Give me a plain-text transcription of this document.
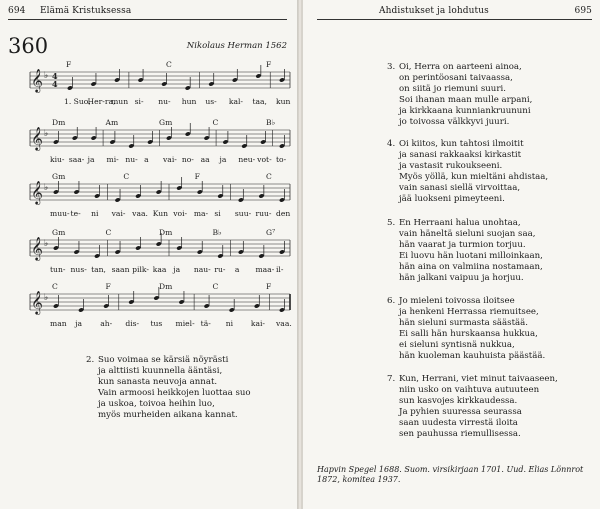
694 Elämä Kristuksessa
360	Nikolaus Herman 1562
𝄞 ♭ 4
4
1. Suo,
Her-ra,
mun si- nu- hun us- kal- taa, kun
F	C	F
𝄞 ♭
kiu- saa- ja mi- nu- a vai- no- aa ja neu- vot- to-
Dm	Am	Gm	C	B♭
𝄞 ♭
muu- te- ni vai- vaa. Kun voi- ma- si suu- ruu- den
Gm	C	F	C
𝄞 ♭
tun- nus- tan, saan pilk- kaa ja nau- ru- a maa- il-
Gm	C	Dm	B♭	G⁷
𝄞 ♭
man ja ah- dis- tus miel- tä- ni kai- vaa.
C	F	Dm	C	F
2. Suo voimaa se kärsiä nöyrästi
ja alttiisti kuunnella ääntäsi,
kun sanasta neuvoja annat.
Vain armoosi heikkojen luottaa suo
ja uskoa, toivoa heihin luo,
myös murheiden aikana kannat.
Ahdistukset ja lohdutus	695
3. Oi, Herra on aarteeni ainoa,
on perintöosani taivaassa,
on siitä jo riemuni suuri.
Soi ihanan maan mulle arpani,
ja kirkkaana kunniankruununi
jo toivossa välkkyvi juuri.
4. Oi kiitos, kun tahtosi ilmoitit
ja sanasi rakkaaksi kirkastit
ja vastasit rukoukseeni.
Myös yöllä, kun mieltäni ahdistaa,
vain sanasi siellä virvoittaa,
jää luokseni pimeyteeni.
5. En Herraani halua unohtaa,
vain häneltä sieluni suojan saa,
hän vaarat ja turmion torjuu.
Ei luovu hän luotani milloinkaan,
hän aina on valmiina nostamaan,
hän jalkani vaipuu ja horjuu.
6. Jo mieleni toivossa iloitsee
ja henkeni Herrassa riemuitsee,
hän sieluni surmasta säästää.
Ei salli hän hurskaansa hukkua,
ei sieluni syntisnä nukkua,
hän kuoleman kauhuista päästää.
7. Kun, Herrani, viet minut taivaaseen,
niin usko on vaihtuva autuuteen
sun kasvojes kirkkaudessa.
Ja pyhien suuressa seurassa
saan uudesta virrestä iloita
sen pauhussa riemullisessa.
Hapvin Spegel 1688. Suom. virsikirjaan 1701. Uud. Elias Lönnrot 1872, komitea 1937.
